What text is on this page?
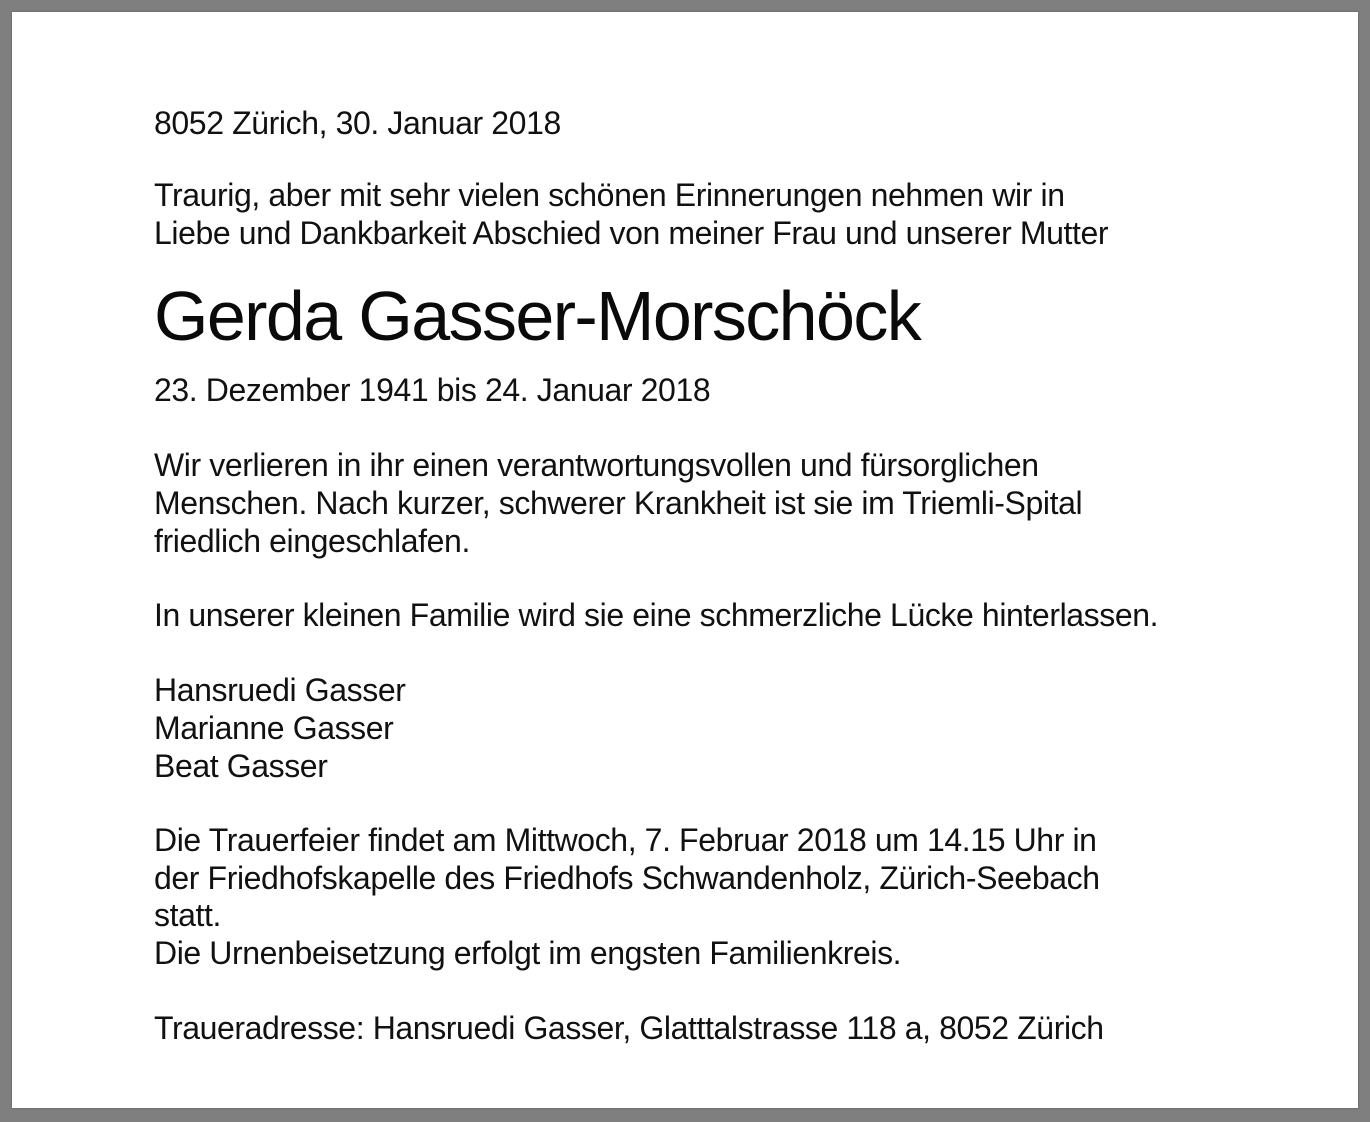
8052 Zürich, 30. Januar 2018
Traurig, aber mit sehr vielen schönen Erinnerungen nehmen wir in
Liebe und Dankbarkeit Abschied von meiner Frau und unserer Mutter
Gerda Gasser-Morschöck
23. Dezember 1941 bis 24. Januar 2018
Wir verlieren in ihr einen verantwortungsvollen und fürsorglichen
Menschen. Nach kurzer, schwerer Krankheit ist sie im Triemli-Spital
friedlich eingeschlafen.
In unserer kleinen Familie wird sie eine schmerzliche Lücke hinterlassen.
Hansruedi Gasser
Marianne Gasser
Beat Gasser
Die Trauerfeier findet am Mittwoch, 7. Februar 2018 um 14.15 Uhr in
der Friedhofskapelle des Friedhofs Schwandenholz, Zürich-Seebach
statt.
Die Urnenbeisetzung erfolgt im engsten Familienkreis.
Traueradresse: Hansruedi Gasser, Glatttalstrasse 118 a, 8052 Zürich
